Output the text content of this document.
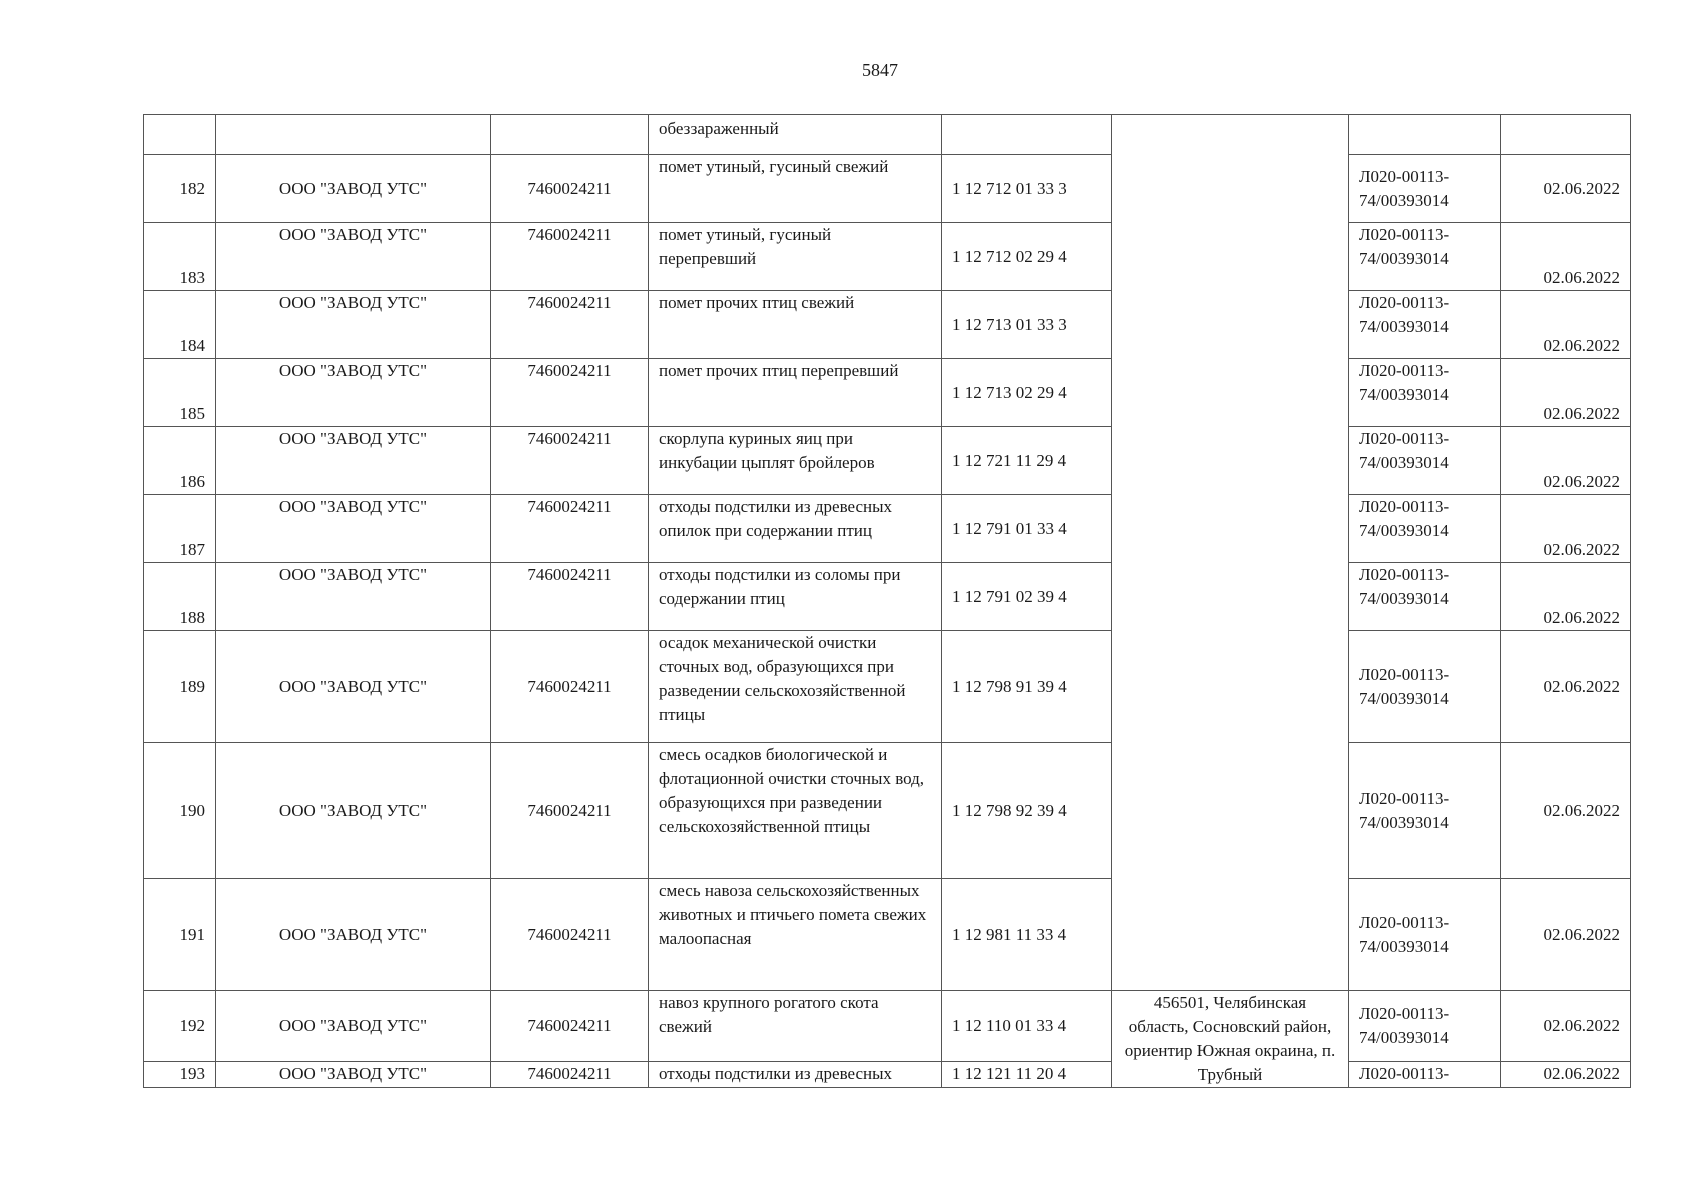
5847
			обеззараженный				
182	ООО "ЗАВОД УТС"	7460024211	помет утиный, гусиный свежий	1 12 712 01 33 3		Л020-00113-
74/00393014	02.06.2022
183	ООО "ЗАВОД УТС"	7460024211	помет утиный, гусиный перепревший	1 12 712 02 29 4		Л020-00113-
74/00393014	02.06.2022
184	ООО "ЗАВОД УТС"	7460024211	помет прочих птиц свежий	1 12 713 01 33 3		Л020-00113-
74/00393014	02.06.2022
185	ООО "ЗАВОД УТС"	7460024211	помет прочих птиц перепревший	1 12 713 02 29 4		Л020-00113-
74/00393014	02.06.2022
186	ООО "ЗАВОД УТС"	7460024211	скорлупа куриных яиц при инкубации цыплят бройлеров	1 12 721 11 29 4		Л020-00113-
74/00393014	02.06.2022
187	ООО "ЗАВОД УТС"	7460024211	отходы подстилки из древесных опилок при содержании птиц	1 12 791 01 33 4		Л020-00113-
74/00393014	02.06.2022
188	ООО "ЗАВОД УТС"	7460024211	отходы подстилки из соломы при содержании птиц	1 12 791 02 39 4		Л020-00113-
74/00393014	02.06.2022
189	ООО "ЗАВОД УТС"	7460024211	осадок механической очистки сточных вод, образующихся при разведении сельскохозяйственной птицы	1 12 798 91 39 4		Л020-00113-
74/00393014	02.06.2022
190	ООО "ЗАВОД УТС"	7460024211	смесь осадков биологической и флотационной очистки сточных вод, образующихся при разведении сельскохозяйственной птицы	1 12 798 92 39 4		Л020-00113-
74/00393014	02.06.2022
191	ООО "ЗАВОД УТС"	7460024211	смесь навоза сельскохозяйственных животных и птичьего помета свежих малоопасная	1 12 981 11 33 4		Л020-00113-
74/00393014	02.06.2022
192	ООО "ЗАВОД УТС"	7460024211	навоз крупного рогатого скота свежий	1 12 110 01 33 4	456501, Челябинская область, Сосновский район, ориентир Южная окраина, п. Трубный	Л020-00113-
74/00393014	02.06.2022
193	ООО "ЗАВОД УТС"	7460024211	отходы подстилки из древесных	1 12 121 11 20 4		Л020-00113-	02.06.2022
